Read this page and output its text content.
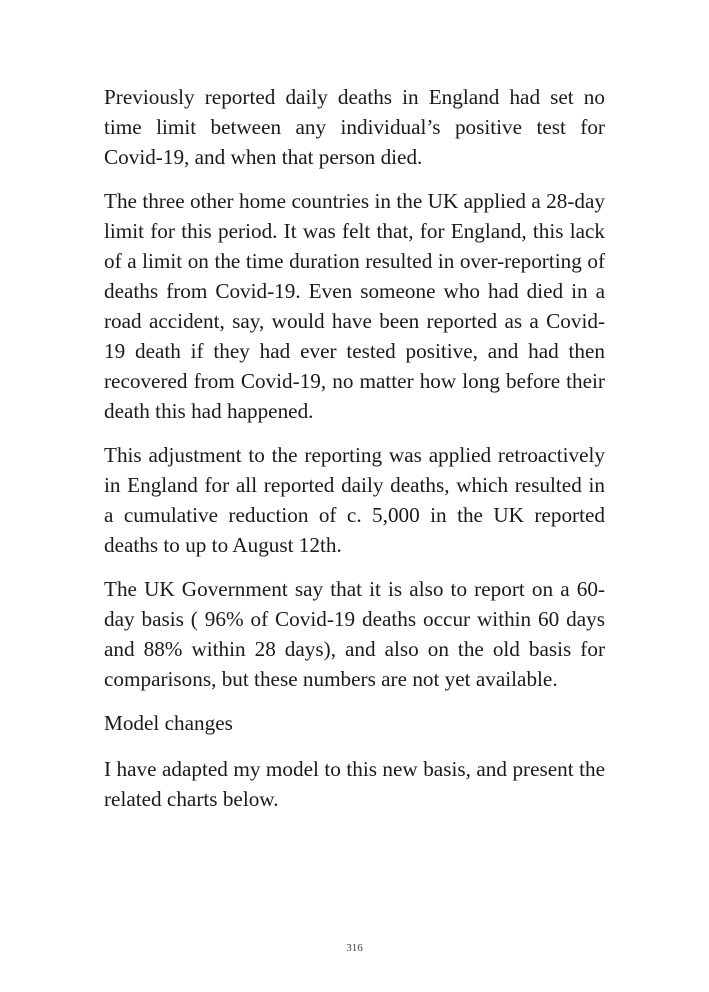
Previously reported daily deaths in England had set no time limit between any individual’s positive test for Covid-19, and when that person died.

The three other home countries in the UK applied a 28-day limit for this period. It was felt that, for England, this lack of a limit on the time duration resulted in over-reporting of deaths from Covid-19. Even someone who had died in a road accident, say, would have been reported as a Covid-19 death if they had ever tested positive, and had then recovered from Covid-19, no matter how long before their death this had happened.

This adjustment to the reporting was applied retroactively in England for all reported daily deaths, which resulted in a cumulative reduction of c. 5,000 in the UK reported deaths to up to August 12th.

The UK Government say that it is also to report on a 60-day basis ( 96% of Covid-19 deaths occur within 60 days and 88% within 28 days), and also on the old basis for comparisons, but these numbers are not yet available.

Model changes

I have adapted my model to this new basis, and present the related charts below.

316
